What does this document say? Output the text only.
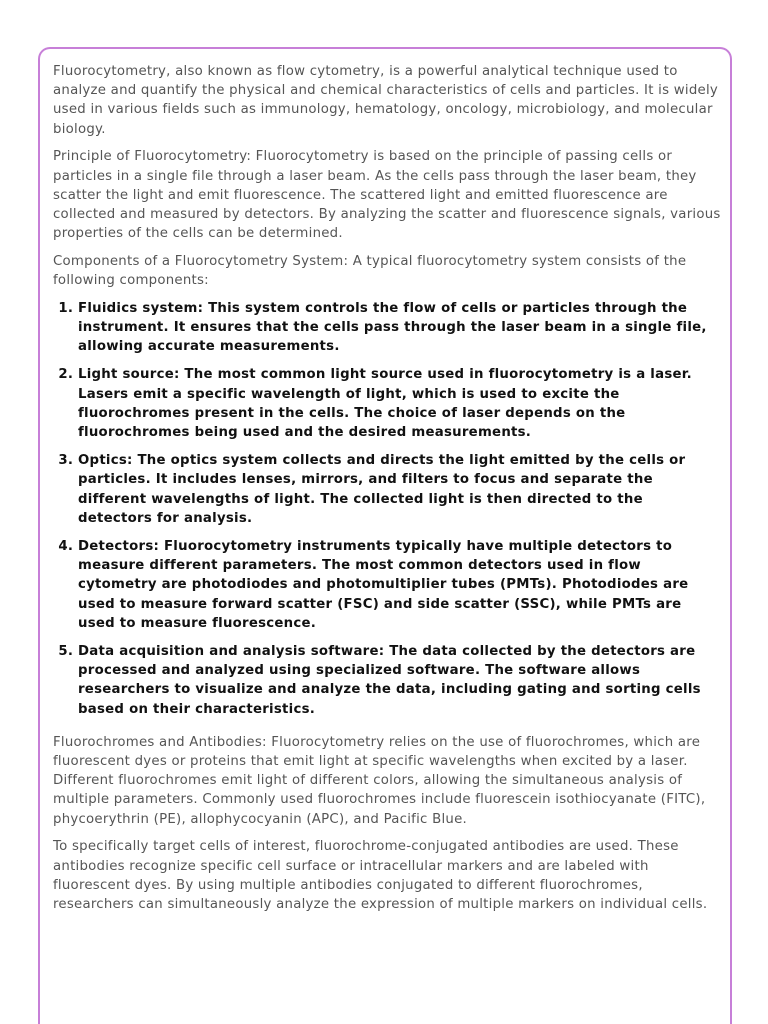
Fluorocytometry, also known as flow cytometry, is a powerful analytical technique used to analyze and quantify the physical and chemical characteristics of cells and particles. It is widely used in various fields such as immunology, hematology, oncology, microbiology, and molecular biology.

Principle of Fluorocytometry: Fluorocytometry is based on the principle of passing cells or particles in a single file through a laser beam. As the cells pass through the laser beam, they scatter the light and emit fluorescence. The scattered light and emitted fluorescence are collected and measured by detectors. By analyzing the scatter and fluorescence signals, various properties of the cells can be determined.

Components of a Fluorocytometry System: A typical fluorocytometry system consists of the following components:

1. Fluidics system: This system controls the flow of cells or particles through the instrument. It ensures that the cells pass through the laser beam in a single file, allowing accurate measurements.
2. Light source: The most common light source used in fluorocytometry is a laser. Lasers emit a specific wavelength of light, which is used to excite the fluorochromes present in the cells. The choice of laser depends on the fluorochromes being used and the desired measurements.
3. Optics: The optics system collects and directs the light emitted by the cells or particles. It includes lenses, mirrors, and filters to focus and separate the different wavelengths of light. The collected light is then directed to the detectors for analysis.
4. Detectors: Fluorocytometry instruments typically have multiple detectors to measure different parameters. The most common detectors used in flow cytometry are photodiodes and photomultiplier tubes (PMTs). Photodiodes are used to measure forward scatter (FSC) and side scatter (SSC), while PMTs are used to measure fluorescence.
5. Data acquisition and analysis software: The data collected by the detectors are processed and analyzed using specialized software. The software allows researchers to visualize and analyze the data, including gating and sorting cells based on their characteristics.

Fluorochromes and Antibodies: Fluorocytometry relies on the use of fluorochromes, which are fluorescent dyes or proteins that emit light at specific wavelengths when excited by a laser. Different fluorochromes emit light of different colors, allowing the simultaneous analysis of multiple parameters. Commonly used fluorochromes include fluorescein isothiocyanate (FITC), phycoerythrin (PE), allophycocyanin (APC), and Pacific Blue.

To specifically target cells of interest, fluorochrome-conjugated antibodies are used. These antibodies recognize specific cell surface or intracellular markers and are labeled with fluorescent dyes. By using multiple antibodies conjugated to different fluorochromes, researchers can simultaneously analyze the expression of multiple markers on individual cells.
